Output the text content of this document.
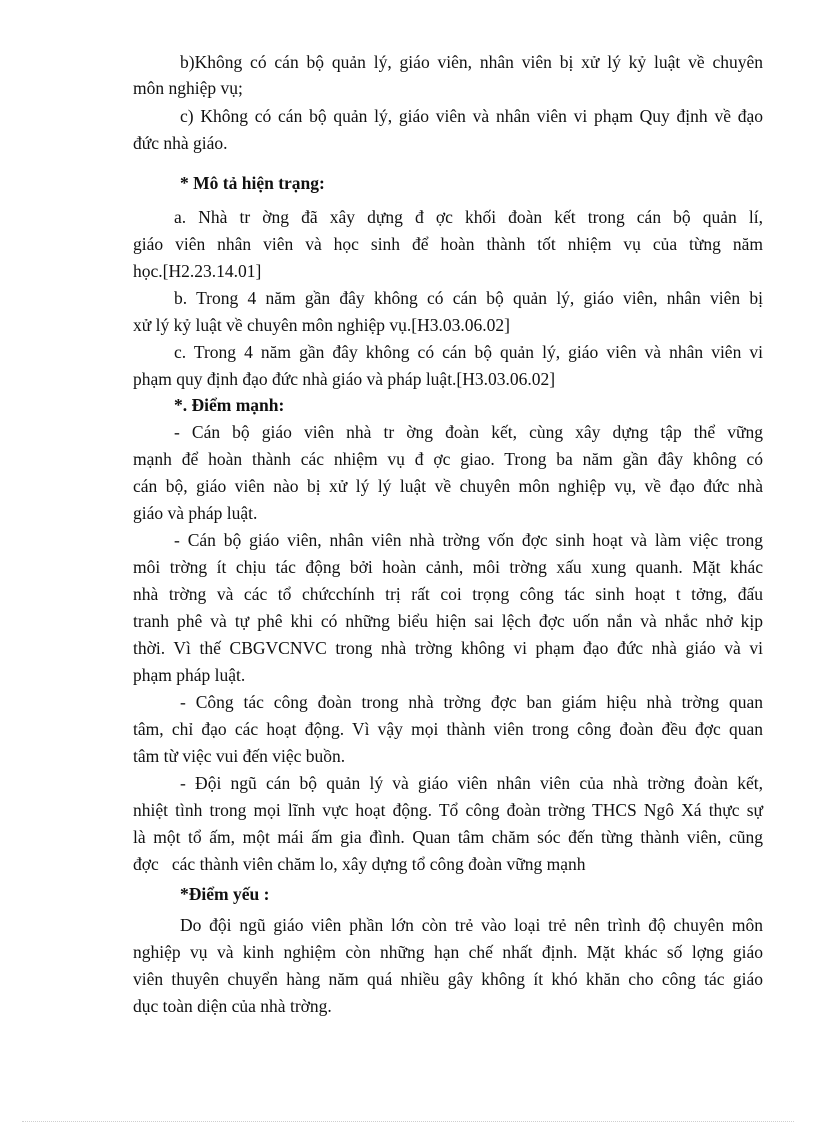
b)Không có cán bộ quản lý, giáo viên, nhân viên bị xử lý kỷ luật về chuyên
môn nghiệp vụ;
c) Không có cán bộ quản lý, giáo viên và nhân viên vi phạm Quy định về đạo
đức nhà giáo.
* Mô tả hiện trạng:
a. Nhà tr ờng đã xây dựng đ ợc khối đoàn kết trong cán bộ quản lí,
giáo viên nhân viên và học sinh để hoàn thành tốt nhiệm vụ của từng năm
học.[H2.23.14.01]
b. Trong 4 năm gần đây không có cán bộ quản lý, giáo viên, nhân viên bị
xử lý kỷ luật về chuyên môn nghiệp vụ.[H3.03.06.02]
c. Trong 4 năm gần đây không có cán bộ quản lý, giáo viên và nhân viên vi
phạm quy định đạo đức nhà giáo và pháp luật.[H3.03.06.02]
*. Điểm mạnh:
- Cán bộ giáo viên nhà tr ờng đoàn kết, cùng xây dựng tập thể vững
mạnh để hoàn thành các nhiệm vụ đ ợc giao. Trong ba năm gần đây không có
cán bộ, giáo viên nào bị xử lý lý luật về chuyên môn nghiệp vụ, về đạo đức nhà
giáo và pháp luật.
- Cán bộ giáo viên, nhân viên nhà trờng vốn đợc sinh hoạt và làm việc trong
môi trờng ít chịu tác động bởi hoàn cảnh, môi trờng xấu xung quanh. Mặt khác
nhà trờng và các tổ chứcchính trị rất coi trọng công tác sinh hoạt t tởng, đấu
tranh phê và tự phê khi có những biểu hiện sai lệch đợc uốn nắn và nhắc nhở kịp
thời. Vì thế CBGVCNVC trong nhà trờng không vi phạm đạo đức nhà giáo và vi
phạm pháp luật.
- Công tác công đoàn trong nhà trờng đợc ban giám hiệu nhà trờng quan
tâm, chỉ đạo các hoạt động. Vì vậy mọi thành viên trong công đoàn đều đợc quan
tâm từ việc vui đến việc buồn.
- Đội ngũ cán bộ quản lý và giáo viên nhân viên của nhà trờng đoàn kết,
nhiệt tình trong mọi lĩnh vực hoạt động. Tổ công đoàn trờng THCS Ngô Xá thực sự
là một tổ ấm, một mái ấm gia đình. Quan tâm chăm sóc đến từng thành viên, cũng
đợc   các thành viên chăm lo, xây dựng tổ công đoàn vững mạnh
*Điểm yếu :
Do đội ngũ giáo viên phần lớn còn trẻ vào loại trẻ nên trình độ chuyên môn
nghiệp vụ và kinh nghiệm còn những hạn chế nhất định. Mặt khác số lợng giáo
viên thuyên chuyển hàng năm quá nhiều gây không ít khó khăn cho công tác giáo
dục toàn diện của nhà trờng.
